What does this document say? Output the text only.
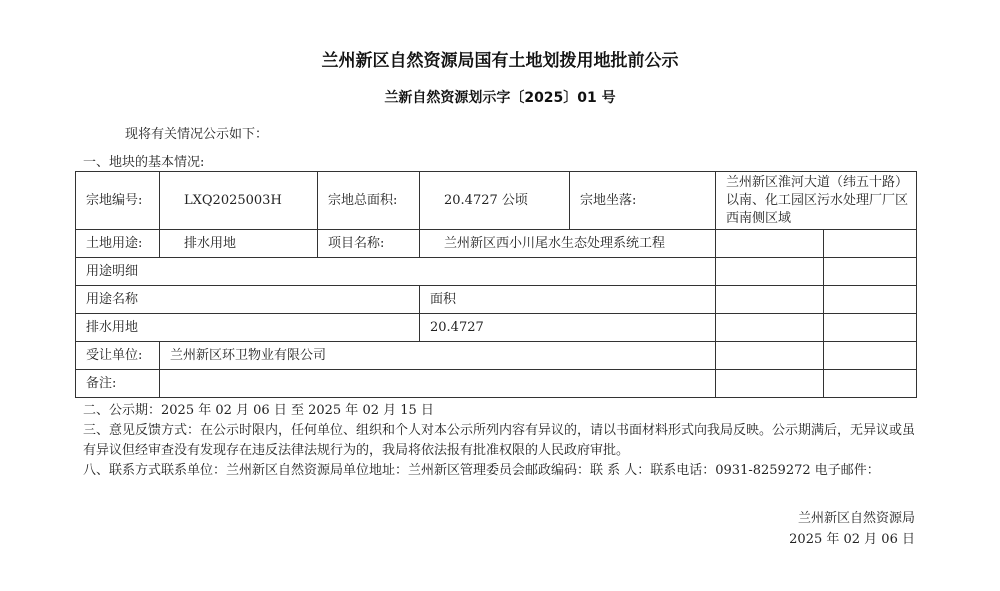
兰州新区自然资源局国有土地划拨用地批前公示
兰新自然资源划示字〔2025〕01 号
现将有关情况公示如下：
一、地块的基本情况:
宗地编号:	LXQ2025003H	宗地总面积:	20.4727 公顷	宗地坐落:	兰州新区淮河大道（纬五十路）以南、化工园区污水处理厂厂区西南侧区域	
土地用途:	排水用地	项目名称:	兰州新区西小川尾水生态处理系统工程			
用途明细						
用途名称			面积			
排水用地			20.4727			
受让单位:	兰州新区环卫物业有限公司					
备注:						

二、公示期：2025 年 02 月 06 日 至 2025 年 02 月 15 日

三、意见反馈方式：在公示时限内，任何单位、组织和个人对本公示所列内容有异议的，请以书面材料形式向我局反映。公示期满后，无异议或虽有异议但经审查没有发现存在违反法律法规行为的，我局将依法报有批准权限的人民政府审批。

八、联系方式联系单位：兰州新区自然资源局单位地址：兰州新区管理委员会邮政编码：联 系 人：联系电话：0931-8259272 电子邮件：

兰州新区自然资源局
2025 年 02 月 06 日
